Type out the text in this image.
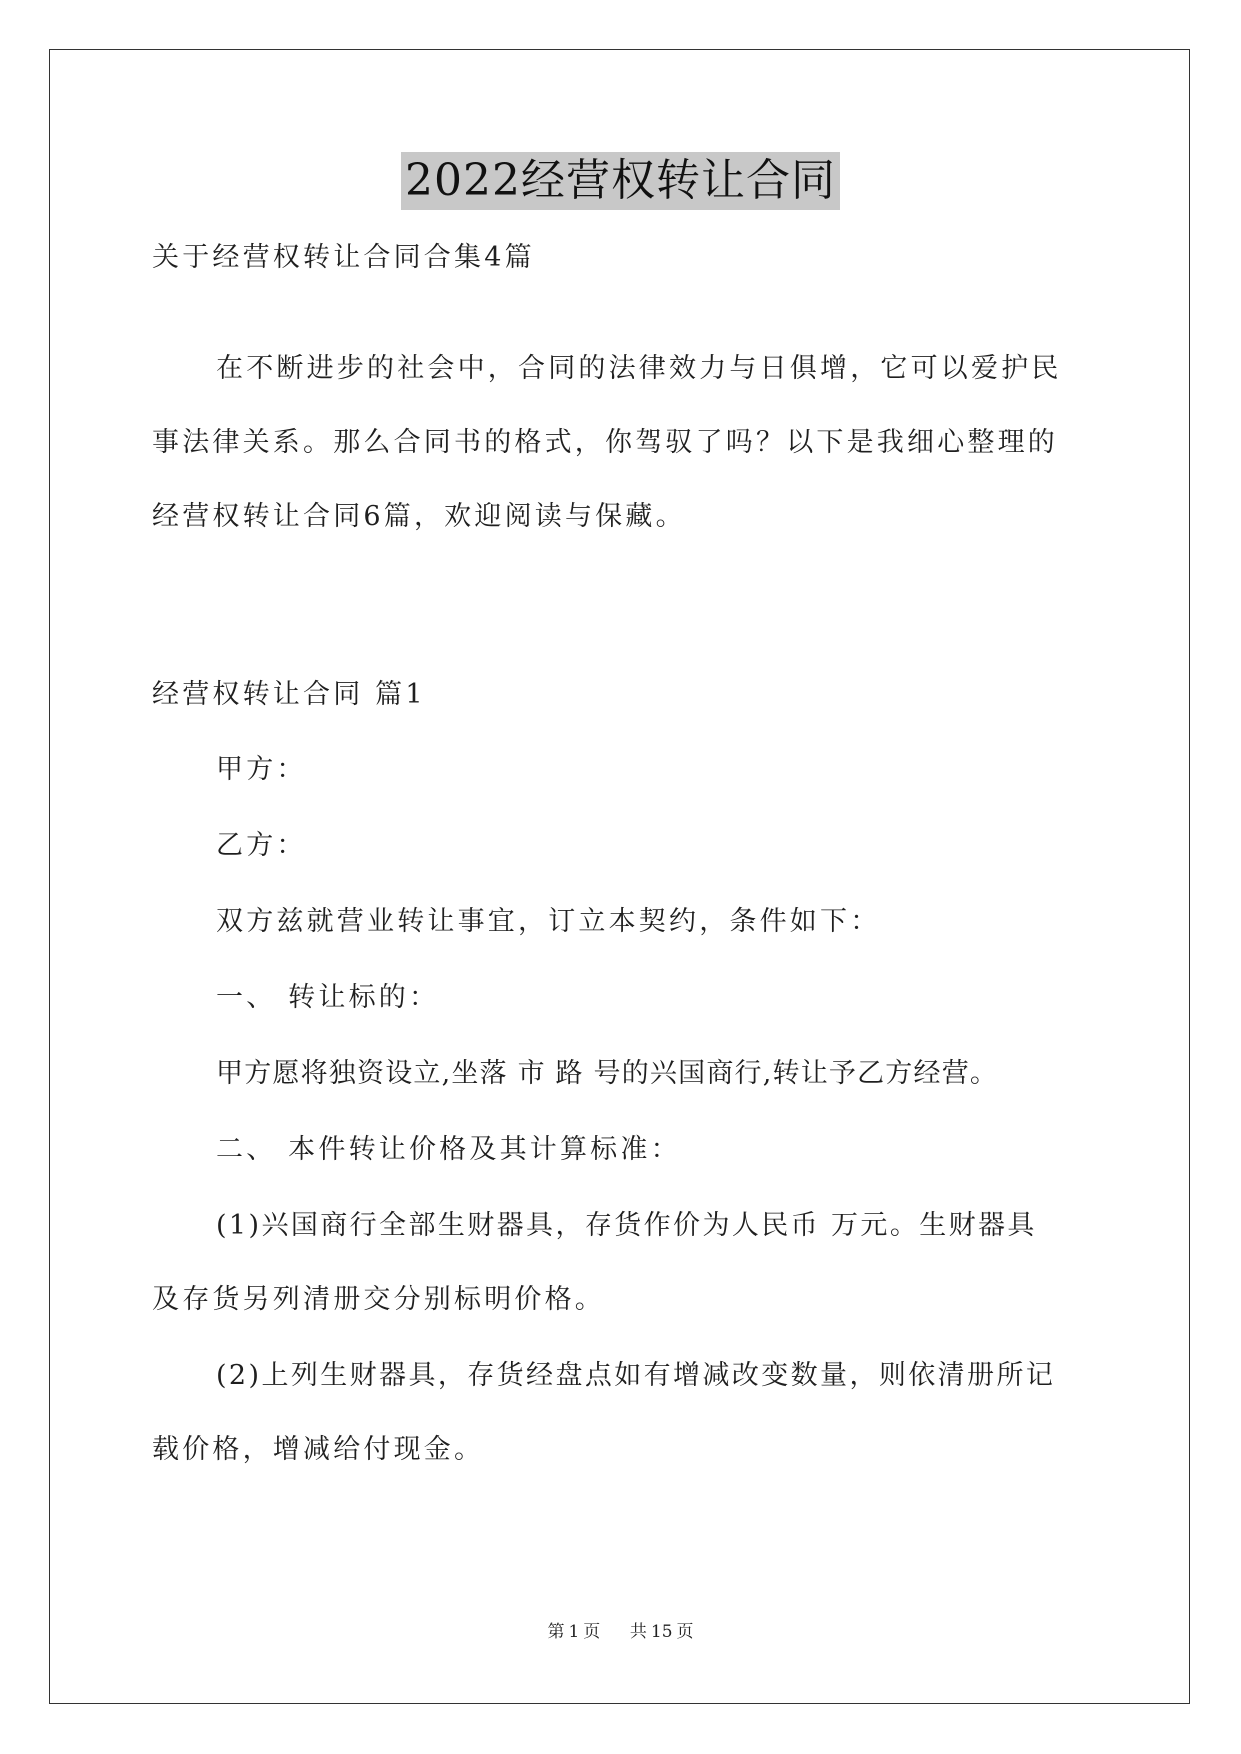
2022经营权转让合同
关于经营权转让合同合集4篇
在不断进步的社会中，合同的法律效力与日俱增，它可以爱护民
事法律关系。那么合同书的格式，你驾驭了吗？以下是我细心整理的
经营权转让合同6篇，欢迎阅读与保藏。
经营权转让合同 篇1
甲方：
乙方：
双方兹就营业转让事宜，订立本契约，条件如下：
一、 转让标的：
甲方愿将独资设立,坐落 市 路 号的兴国商行,转让予乙方经营。
二、 本件转让价格及其计算标准：
(1)兴国商行全部生财器具，存货作价为人民币 万元。生财器具
及存货另列清册交分别标明价格。
(2)上列生财器具，存货经盘点如有增减改变数量，则依清册所记
载价格，增减给付现金。
第 1 页 共 15 页
